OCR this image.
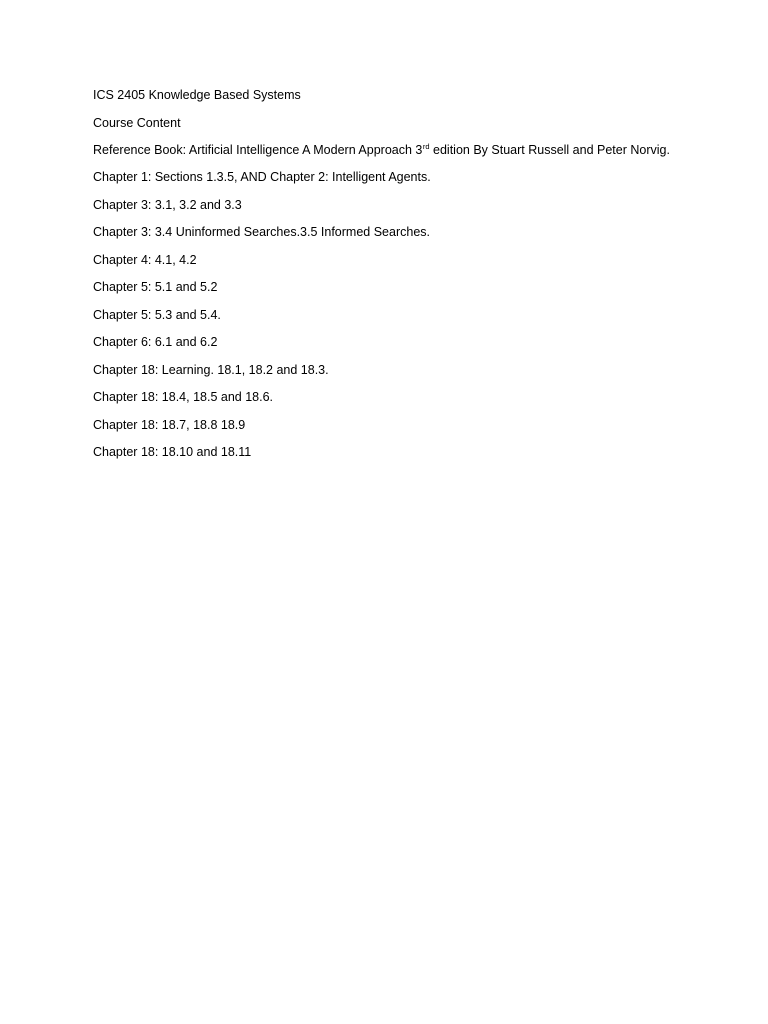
ICS 2405 Knowledge Based Systems

Course Content

Reference Book: Artificial Intelligence A Modern Approach 3rd edition By Stuart Russell and Peter Norvig.

Chapter 1: Sections 1.3.5, AND Chapter 2: Intelligent Agents.

Chapter 3: 3.1, 3.2 and 3.3

Chapter 3: 3.4 Uninformed Searches.3.5 Informed Searches.

Chapter 4: 4.1, 4.2

Chapter 5: 5.1 and 5.2

Chapter 5: 5.3 and 5.4.

Chapter 6: 6.1 and 6.2

Chapter 18: Learning. 18.1, 18.2 and 18.3.

Chapter 18: 18.4, 18.5 and 18.6.

Chapter 18: 18.7, 18.8 18.9

Chapter 18: 18.10 and 18.11
